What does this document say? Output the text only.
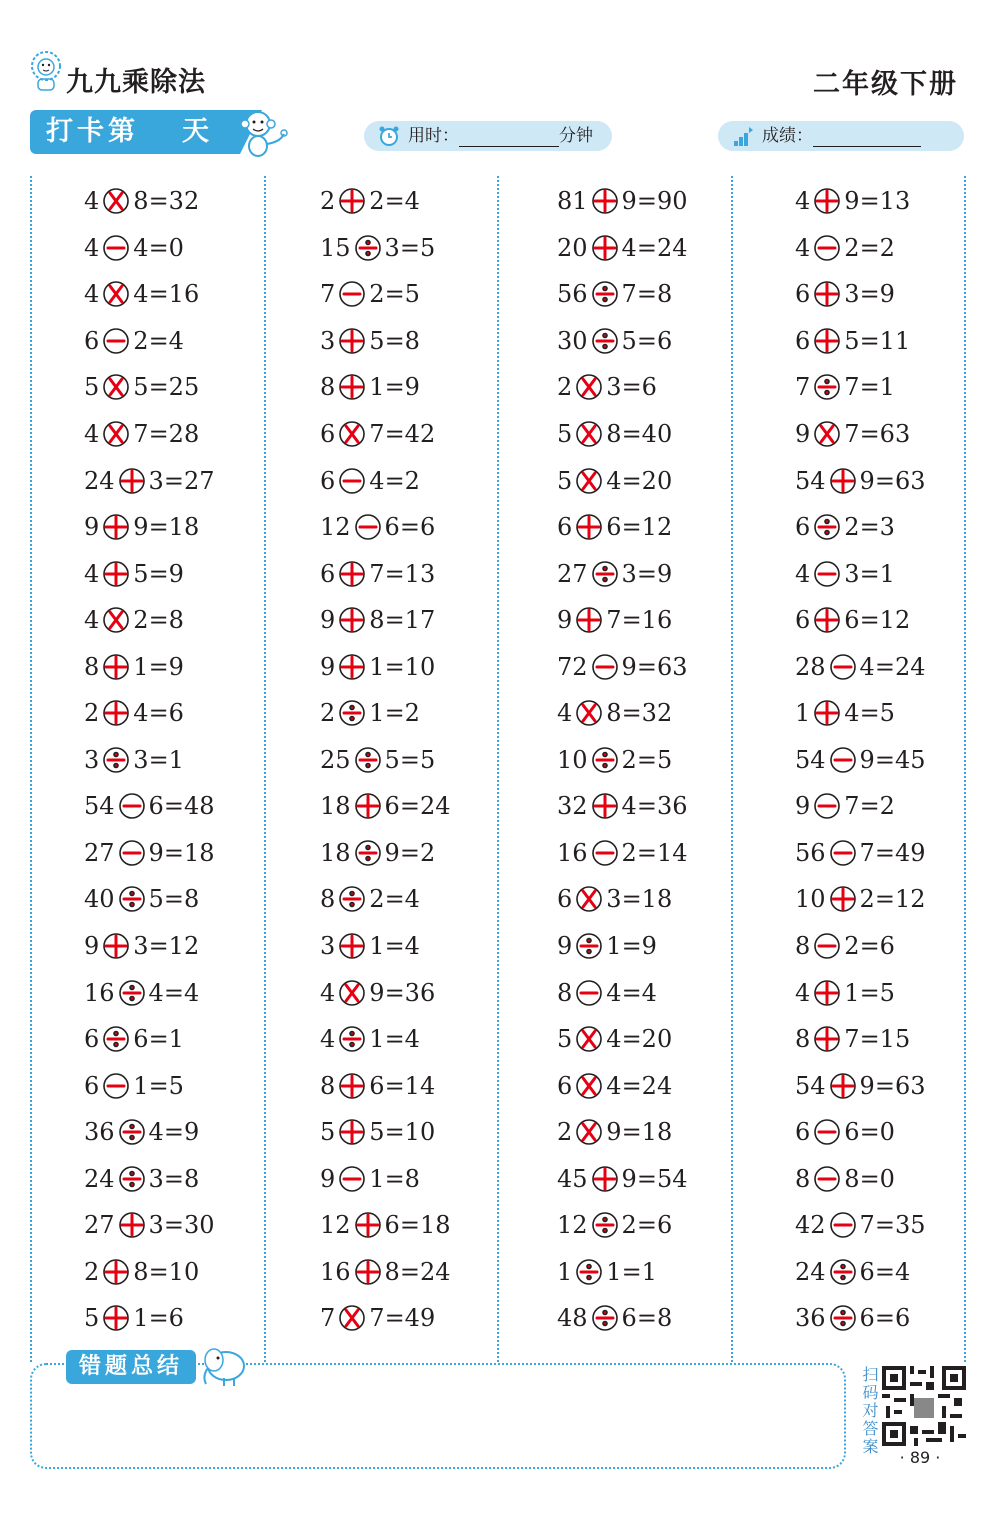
九九乘除法	二年级下册
打卡第 天	用时：	分钟	成绩：
4 8 =32
4 4 =0
4 4 =16
6 2 =4
5 5 =25
4 7 =28
24 3 =27
9 9 =18
4 5 =9
4 2 =8
8 1 =9
2 4 =6
3 3 =1
54 6 =48
27 9 =18
40 5 =8
9 3 =12
16 4 =4
6 6 =1
6 1 =5
36 4 =9
24 3 =8
27 3 =30
2 8 =10
5 1 =6
2 2 =4
15 3 =5
7 2 =5
3 5 =8
8 1 =9
6 7 =42
6 4 =2
12 6 =6
6 7 =13
9 8 =17
9 1 =10
2 1 =2
25 5 =5
18 6 =24
18 9 =2
8 2 =4
3 1 =4
4 9 =36
4 1 =4
8 6 =14
5 5 =10
9 1 =8
12 6 =18
16 8 =24
7 7 =49
81 9 =90
20 4 =24
56 7 =8
30 5 =6
2 3 =6
5 8 =40
5 4 =20
6 6 =12
27 3 =9
9 7 =16
72 9 =63
4 8 =32
10 2 =5
32 4 =36
16 2 =14
6 3 =18
9 1 =9
8 4 =4
5 4 =20
6 4 =24
2 9 =18
45 9 =54
12 2 =6
1 1 =1
48 6 =8
4 9 =13
4 2 =2
6 3 =9
6 5 =11
7 7 =1
9 7 =63
54 9 =63
6 2 =3
4 3 =1
6 6 =12
28 4 =24
1 4 =5
54 9 =45
9 7 =2
56 7 =49
10 2 =12
8 2 =6
4 1 =5
8 7 =15
54 9 =63
6 6 =0
8 8 =0
42 7 =35
24 6 =4
36 6 =6
错题总结	扫码对答案
· 89 ·
